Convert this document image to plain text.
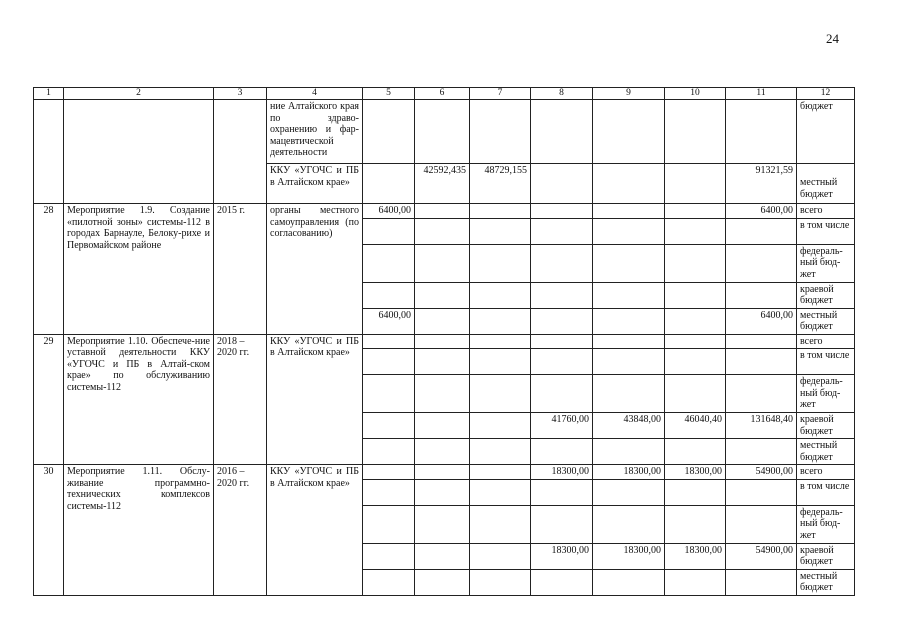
24
1	2	3	4	5	6	7	8	9	10	11	12
			ние Алтайского края по здраво-охранению и фар-мацевтической деятельности								бюджет
			ККУ «УГОЧС и ПБ в Алтайском крае»		42592,435	48729,155				91321,59	местный бюджет
28	Мероприятие 1.9. Создание «пилотной зоны» системы-112 в городах Барнауле, Белоку-рихе и Первомайском районе	2015 г.	органы местного самоуправления (по согласованию)	6400,00						6400,00	всего
											в том числе
											федераль-ный бюд-жет
											краевой бюджет
				6400,00						6400,00	местный бюджет
29	Мероприятие 1.10. Обеспече-ние уставной деятельности ККУ «УГОЧС и ПБ в Алтай-ском крае» по обслуживанию системы-112	2018 – 2020 гг.	ККУ «УГОЧС и ПБ в Алтайском крае»								всего
											в том числе
											федераль-ный бюд-жет
							41760,00	43848,00	46040,40	131648,40	краевой бюджет
											местный бюджет
30	Мероприятие 1.11. Обслу-живание программно-технических комплексов системы-112	2016 – 2020 гг.	ККУ «УГОЧС и ПБ в Алтайском крае»				18300,00	18300,00	18300,00	54900,00	всего
											в том числе
											федераль-ный бюд-жет
							18300,00	18300,00	18300,00	54900,00	краевой бюджет
											местный бюджет
